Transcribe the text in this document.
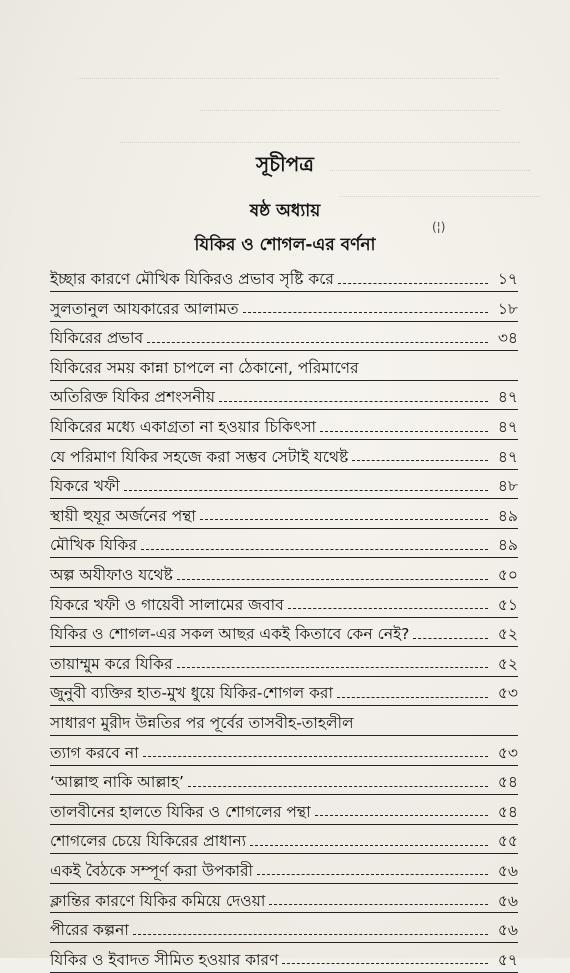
সূচীপত্র
ষষ্ঠ অধ্যায়
(¦)
যিকির ও শোগল-এর বর্ণনা
ইচ্ছার কারণে মৌখিক যিকিরও প্রভাব সৃষ্টি করে	১৭
সুলতানুল আযকারের আলামত	১৮
যিকিরের প্রভাব	৩৪
যিকিরের সময় কান্না চাপলে না ঠেকানো, পরিমাণের
অতিরিক্ত যিকির প্রশংসনীয়	৪৭
যিকিরের মধ্যে একাগ্রতা না হওয়ার চিকিৎসা	৪৭
যে পরিমাণ যিকির সহজে করা সম্ভব সেটাই যথেষ্ট	৪৭
যিকরে খফী	৪৮
স্থায়ী হুযূর অর্জনের পন্থা	৪৯
মৌখিক যিকির	৪৯
অল্প অযীফাও যথেষ্ট	৫০
যিকরে খফী ও গায়েবী সালামের জবাব	৫১
যিকির ও শোগল-এর সকল আছর একই কিতাবে কেন নেই?	৫২
তায়াম্মুম করে যিকির	৫২
জুনুবী ব্যক্তির হাত-মুখ ধুয়ে যিকির-শোগল করা	৫৩
সাধারণ মুরীদ উন্নতির পর পূর্বের তাসবীহ-তাহলীল
ত্যাগ করবে না	৫৩
‘আল্লাহু নাকি আল্লাহ’	৫৪
তালবীনের হালতে যিকির ও শোগলের পন্থা	৫৪
শোগলের চেয়ে যিকিরের প্রাধান্য	৫৫
একই বৈঠকে সম্পূর্ণ করা উপকারী	৫৬
ক্লান্তির কারণে যিকির কমিয়ে দেওয়া	৫৬
পীরের কল্পনা	৫৬
যিকির ও ইবাদত সীমিত হওয়ার কারণ	৫৭
